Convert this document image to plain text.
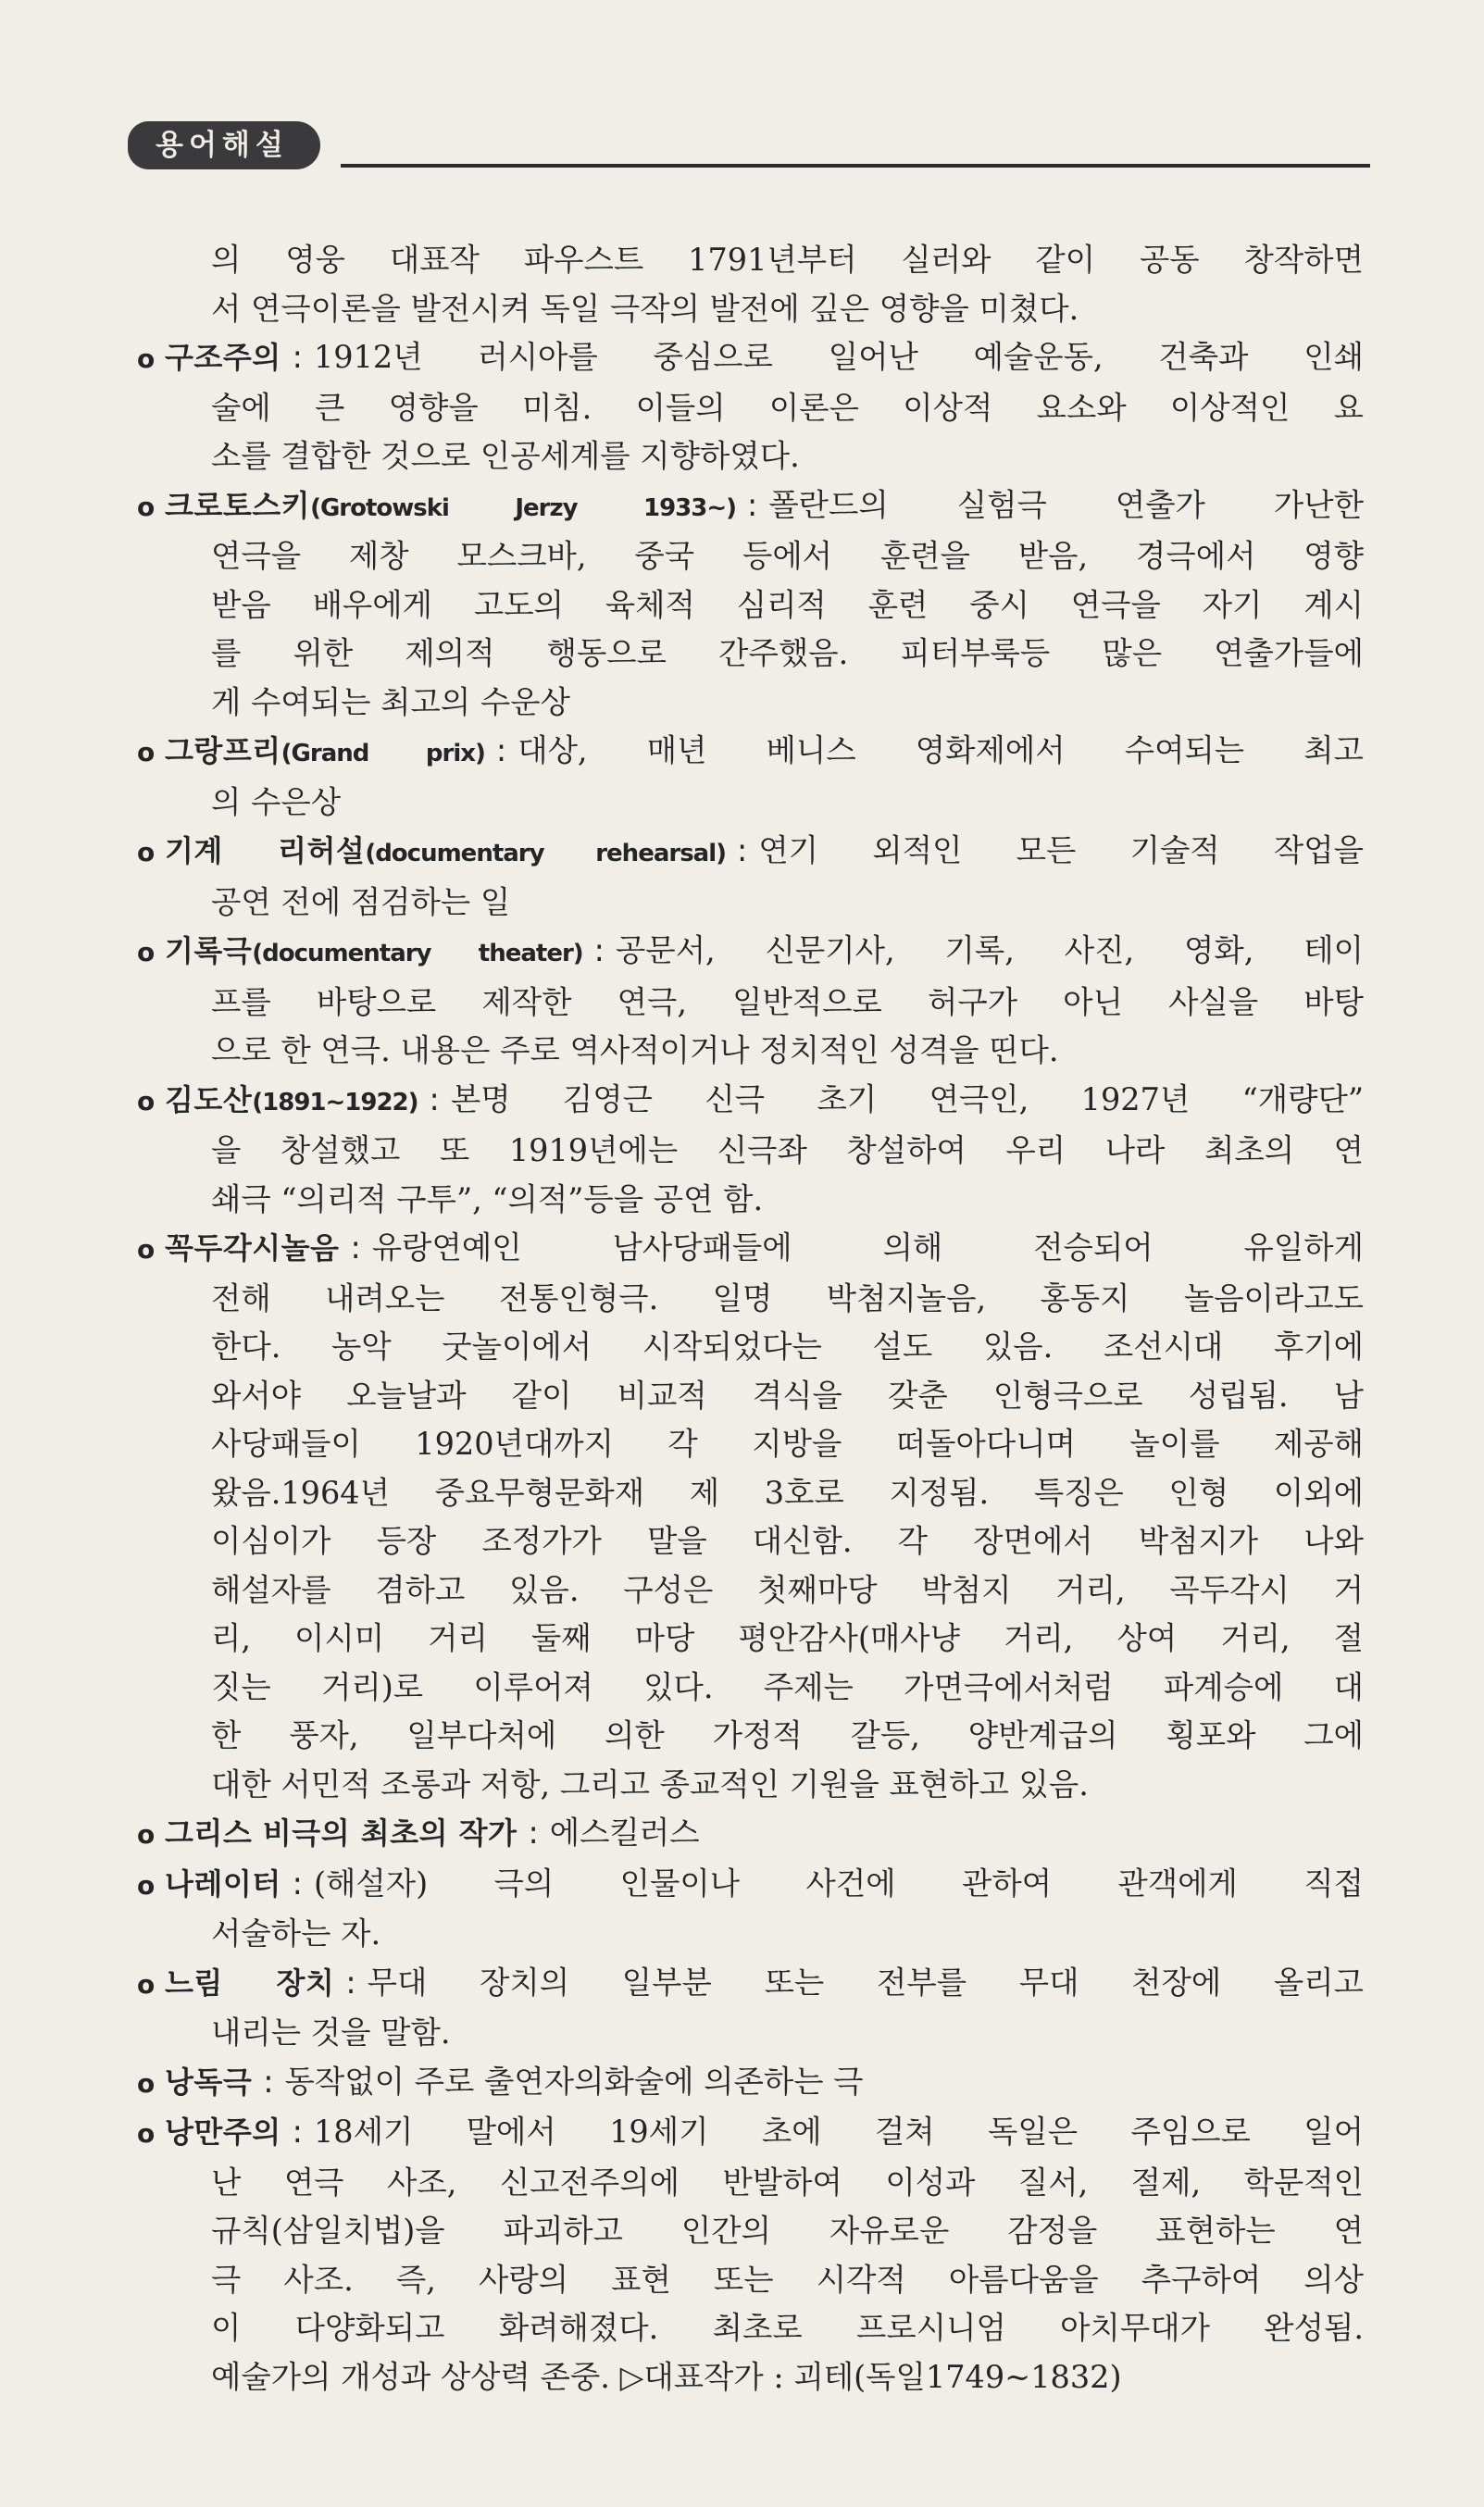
용어해설
의 영웅 대표작 파우스트 1791년부터 실러와 같이 공동 창작하면
서 연극이론을 발전시켜 독일 극작의 발전에 깊은 영향을 미쳤다.
o 구조주의 : 1912년 러시아를 중심으로 일어난 예술운동, 건축과 인쇄
술에 큰 영향을 미침. 이들의 이론은 이상적 요소와 이상적인 요
소를 결합한 것으로 인공세계를 지향하였다.
o 크로토스키(Grotowski Jerzy 1933~) : 폴란드의 실험극 연출가 가난한
연극을 제창 모스크바, 중국 등에서 훈련을 받음, 경극에서 영향
받음 배우에게 고도의 육체적 심리적 훈련 중시 연극을 자기 계시
를 위한 제의적 행동으로 간주했음. 피터부룩등 많은 연출가들에
게 수여되는 최고의 수운상
o 그랑프리(Grand prix) : 대상, 매년 베니스 영화제에서 수여되는 최고
의 수은상
o 기계 리허설(documentary rehearsal) : 연기 외적인 모든 기술적 작업을
공연 전에 점검하는 일
o 기록극(documentary theater) : 공문서, 신문기사, 기록, 사진, 영화, 테이
프를 바탕으로 제작한 연극, 일반적으로 허구가 아닌 사실을 바탕
으로 한 연극. 내용은 주로 역사적이거나 정치적인 성격을 띤다.
o 김도산(1891~1922) : 본명 김영근 신극 초기 연극인, 1927년 “개량단”
을 창설했고 또 1919년에는 신극좌 창설하여 우리 나라 최초의 연
쇄극 “의리적 구투”, “의적”등을 공연 함.
o 꼭두각시놀음 : 유랑연예인 남사당패들에 의해 전승되어 유일하게
전해 내려오는 전통인형극. 일명 박첨지놀음, 홍동지 놀음이라고도
한다. 농악 굿놀이에서 시작되었다는 설도 있음. 조선시대 후기에
와서야 오늘날과 같이 비교적 격식을 갖춘 인형극으로 성립됨. 남
사당패들이 1920년대까지 각 지방을 떠돌아다니며 놀이를 제공해
왔음.1964년 중요무형문화재 제 3호로 지정됨. 특징은 인형 이외에
이심이가 등장 조정가가 말을 대신함. 각 장면에서 박첨지가 나와
해설자를 겸하고 있음. 구성은 첫째마당 박첨지 거리, 곡두각시 거
리, 이시미 거리 둘째 마당 평안감사(매사냥 거리, 상여 거리, 절
짓는 거리)로 이루어져 있다. 주제는 가면극에서처럼 파계승에 대
한 풍자, 일부다처에 의한 가정적 갈등, 양반계급의 횡포와 그에
대한 서민적 조롱과 저항, 그리고 종교적인 기원을 표현하고 있음.
o 그리스 비극의 최초의 작가 : 에스킬러스
o 나레이터 : (해설자) 극의 인물이나 사건에 관하여 관객에게 직접
서술하는 자.
o 느림 장치 : 무대 장치의 일부분 또는 전부를 무대 천장에 올리고
내리는 것을 말함.
o 낭독극 : 동작없이 주로 출연자의화술에 의존하는 극
o 낭만주의 : 18세기 말에서 19세기 초에 걸쳐 독일은 주임으로 일어
난 연극 사조, 신고전주의에 반발하여 이성과 질서, 절제, 학문적인
규칙(삼일치법)을 파괴하고 인간의 자유로운 감정을 표현하는 연
극 사조. 즉, 사랑의 표현 또는 시각적 아름다움을 추구하여 의상
이 다양화되고 화려해졌다. 최초로 프로시니엄 아치무대가 완성됨.
예술가의 개성과 상상력 존중. ▷대표작가 : 괴테(독일1749~1832)
